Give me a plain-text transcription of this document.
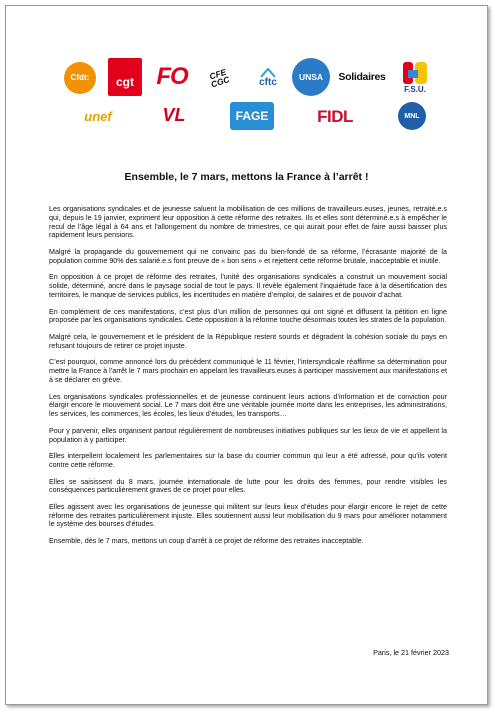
Cfdt: cgt FO	CFE CGC	cftc
UNSA Solidaires
F.S.U.
unef	VL	FAGE	FIDL	MNL
Ensemble, le 7 mars, mettons la France à l’arrêt !

Les organisations syndicales et de jeunesse saluent la mobilisation de ces millions de travailleurs.euses, jeunes, retraité.e.s qui, depuis le 19 janvier, expriment leur opposition à cette réforme des retraites. Ils et elles sont déterminé.e.s à empêcher le recul de l’âge légal à 64 ans et l’allongement du nombre de trimestres, ce qui aurait pour effet de faire aussi baisser plus rapidement leurs pensions.

Malgré la propagande du gouvernement qui ne convainc pas du bien-fondé de sa réforme, l’écrasante majorité de la population comme 90% des salarié.e.s font preuve de « bon sens » et rejettent cette réforme brutale, inacceptable et inutile.

En opposition à ce projet de réforme des retraites, l’unité des organisations syndicales a construit un mouvement social solide, déterminé, ancré dans le paysage social de tout le pays. Il révèle également l’inquiétude face à la désertification des territoires, le manque de services publics, les incertitudes en matière d’emploi, de salaires et de pouvoir d’achat.

En complément de ces manifestations, c’est plus d’un million de personnes qui ont signé et diffusent la pétition en ligne proposée par les organisations syndicales. Cette opposition à la réforme touche désormais toutes les strates de la population.

Malgré cela, le gouvernement et le président de la République restent sourds et dégradent la cohésion sociale du pays en refusant toujours de retirer ce projet injuste.

C’est pourquoi, comme annoncé lors du précédent communiqué le 11 février, l’intersyndicale réaffirme sa détermination pour mettre la France à l’arrêt le 7 mars prochain en appelant les travailleurs.euses à participer massivement aux manifestations et à se déclarer en grève.

Les organisations syndicales professionnelles et de jeunesse continuent leurs actions d’information et de conviction pour élargir encore le mouvement social. Le 7 mars doit être une véritable journée morte dans les entreprises, les administrations, les services, les commerces, les écoles, les lieux d’études, les transports…

Pour y parvenir, elles organisent partout régulièrement de nombreuses initiatives publiques sur les lieux de vie et appellent la population à y participer.

Elles interpellent localement les parlementaires sur la base du courrier commun qui leur a été adressé, pour qu’ils votent contre cette réforme.

Elles se saisissent du 8 mars, journée internationale de lutte pour les droits des femmes, pour rendre visibles les conséquences particulièrement graves de ce projet pour elles.

Elles agissent avec les organisations de jeunesse qui militent sur leurs lieux d’études pour élargir encore le rejet de cette réforme des retraites particulièrement injuste. Elles soutiennent aussi leur mobilisation du 9 mars pour améliorer notamment le système des bourses d’études.

Ensemble, dès le 7 mars, mettons un coup d’arrêt à ce projet de réforme des retraites inacceptable.

Paris, le 21 février 2023
